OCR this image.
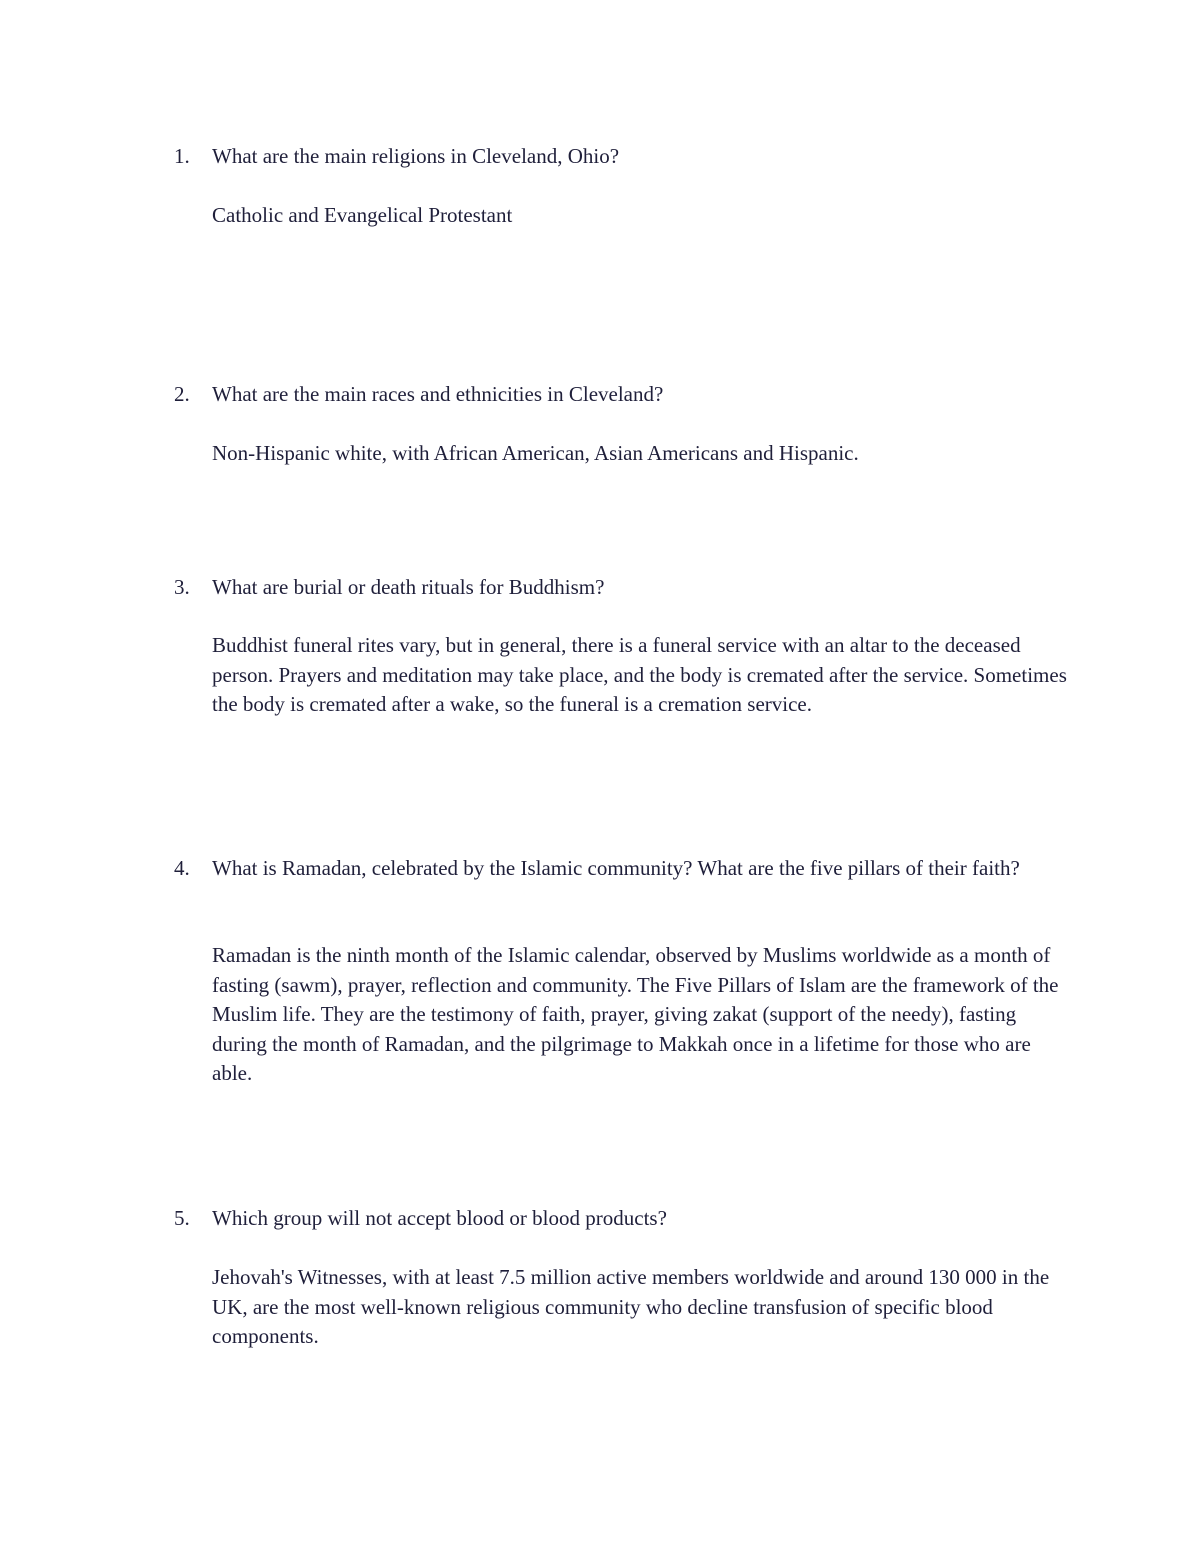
1. What are the main religions in Cleveland, Ohio?

Catholic and Evangelical Protestant

2. What are the main races and ethnicities in Cleveland?

Non-Hispanic white, with African American, Asian Americans and Hispanic.

3. What are burial or death rituals for Buddhism?

Buddhist funeral rites vary, but in general, there is a funeral service with an altar to the deceased person. Prayers and meditation may take place, and the body is cremated after the service. Sometimes the body is cremated after a wake, so the funeral is a cremation service.

4. What is Ramadan, celebrated by the Islamic community? What are the five pillars of their faith?

Ramadan is the ninth month of the Islamic calendar, observed by Muslims worldwide as a month of fasting (sawm), prayer, reflection and community. The Five Pillars of Islam are the framework of the Muslim life. They are the testimony of faith, prayer, giving zakat (support of the needy), fasting during the month of Ramadan, and the pilgrimage to Makkah once in a lifetime for those who are able.

5. Which group will not accept blood or blood products?

Jehovah's Witnesses, with at least 7.5 million active members worldwide and around 130 000 in the UK, are the most well-known religious community who decline transfusion of specific blood components.
